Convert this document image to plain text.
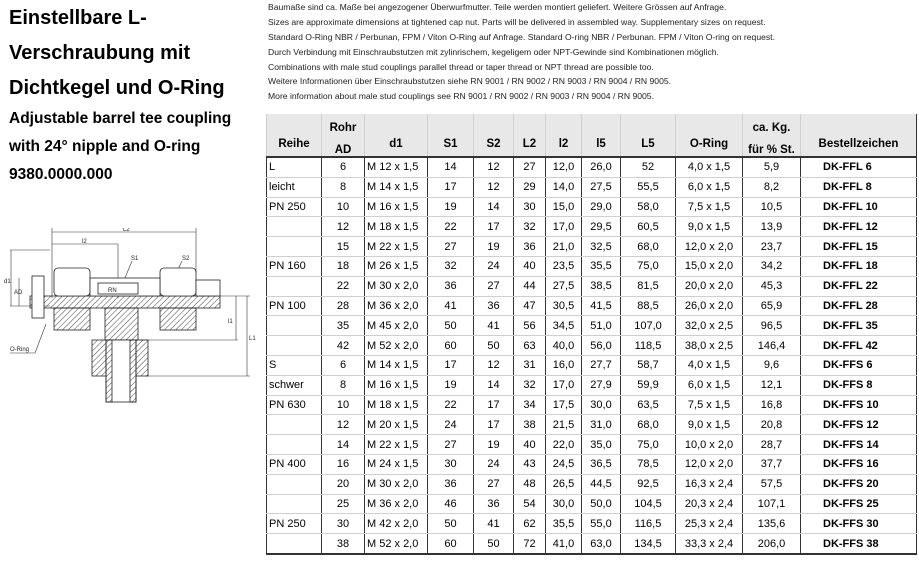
Einstellbare L-
Verschraubung mit
Dichtkegel und O-Ring
Adjustable barrel tee coupling
with 24° nipple and O-ring
9380.0000.000
L2
l2
S1	S2
d1
AD
l1
L1
RN
O-Ring
Baumaße sind ca. Maße bei angezogener Überwurfmutter. Teile werden montiert geliefert. Weitere Grössen auf Anfrage.
Sizes are approximate dimensions at tightened cap nut. Parts will be delivered in assembled way. Supplementary sizes on request.
Standard O-Ring NBR / Perbunan, FPM / Viton O-Ring auf Anfrage. Standard O-ring NBR / Perbunan. FPM / Viton O-ring on request.
Durch Verbindung mit Einschraubstutzen mit zylinrischem, kegeligem oder NPT-Gewinde sind Kombinationen möglich.
Combinations with male stud couplings parallel thread or taper thread or NPT thread are possible too.
Weitere Informationen über Einschraubstutzen siehe RN 9001 / RN 9002 / RN 9003 / RN 9004 / RN 9005.
More information about male stud couplings see RN 9001 / RN 9002 / RN 9003 / RN 9004 / RN 9005.
Reihe	Rohr	d1	S1	S2	L2	l2	l5	L5	O-Ring	ca. Kg.	Bestellzeichen
	AD									für % St.	
L	6	M 12 x 1,5	14	12	27	12,0	26,0	52	4,0 x 1,5	5,9	DK-FFL 6
leicht	8	M 14 x 1,5	17	12	29	14,0	27,5	55,5	6,0 x 1,5	8,2	DK-FFL 8
PN 250	10	M 16 x 1,5	19	14	30	15,0	29,0	58,0	7,5 x 1,5	10,5	DK-FFL 10
	12	M 18 x 1,5	22	17	32	17,0	29,5	60,5	9,0 x 1,5	13,9	DK-FFL 12
	15	M 22 x 1,5	27	19	36	21,0	32,5	68,0	12,0 x 2,0	23,7	DK-FFL 15
PN 160	18	M 26 x 1,5	32	24	40	23,5	35,5	75,0	15,0 x 2,0	34,2	DK-FFL 18
	22	M 30 x 2,0	36	27	44	27,5	38,5	81,5	20,0 x 2,0	45,3	DK-FFL 22
PN 100	28	M 36 x 2,0	41	36	47	30,5	41,5	88,5	26,0 x 2,0	65,9	DK-FFL 28
	35	M 45 x 2,0	50	41	56	34,5	51,0	107,0	32,0 x 2,5	96,5	DK-FFL 35
	42	M 52 x 2,0	60	50	63	40,0	56,0	118,5	38,0 x 2,5	146,4	DK-FFL 42
S	6	M 14 x 1,5	17	12	31	16,0	27,7	58,7	4,0 x 1,5	9,6	DK-FFS 6
schwer	8	M 16 x 1,5	19	14	32	17,0	27,9	59,9	6,0 x 1,5	12,1	DK-FFS 8
PN 630	10	M 18 x 1,5	22	17	34	17,5	30,0	63,5	7,5 x 1,5	16,8	DK-FFS 10
	12	M 20 x 1,5	24	17	38	21,5	31,0	68,0	9,0 x 1,5	20,8	DK-FFS 12
	14	M 22 x 1,5	27	19	40	22,0	35,0	75,0	10,0 x 2,0	28,7	DK-FFS 14
PN 400	16	M 24 x 1,5	30	24	43	24,5	36,5	78,5	12,0 x 2,0	37,7	DK-FFS 16
	20	M 30 x 2,0	36	27	48	26,5	44,5	92,5	16,3 x 2,4	57,5	DK-FFS 20
	25	M 36 x 2,0	46	36	54	30,0	50,0	104,5	20,3 x 2,4	107,1	DK-FFS 25
PN 250	30	M 42 x 2,0	50	41	62	35,5	55,0	116,5	25,3 x 2,4	135,6	DK-FFS 30
	38	M 52 x 2,0	60	50	72	41,0	63,0	134,5	33,3 x 2,4	206,0	DK-FFS 38
